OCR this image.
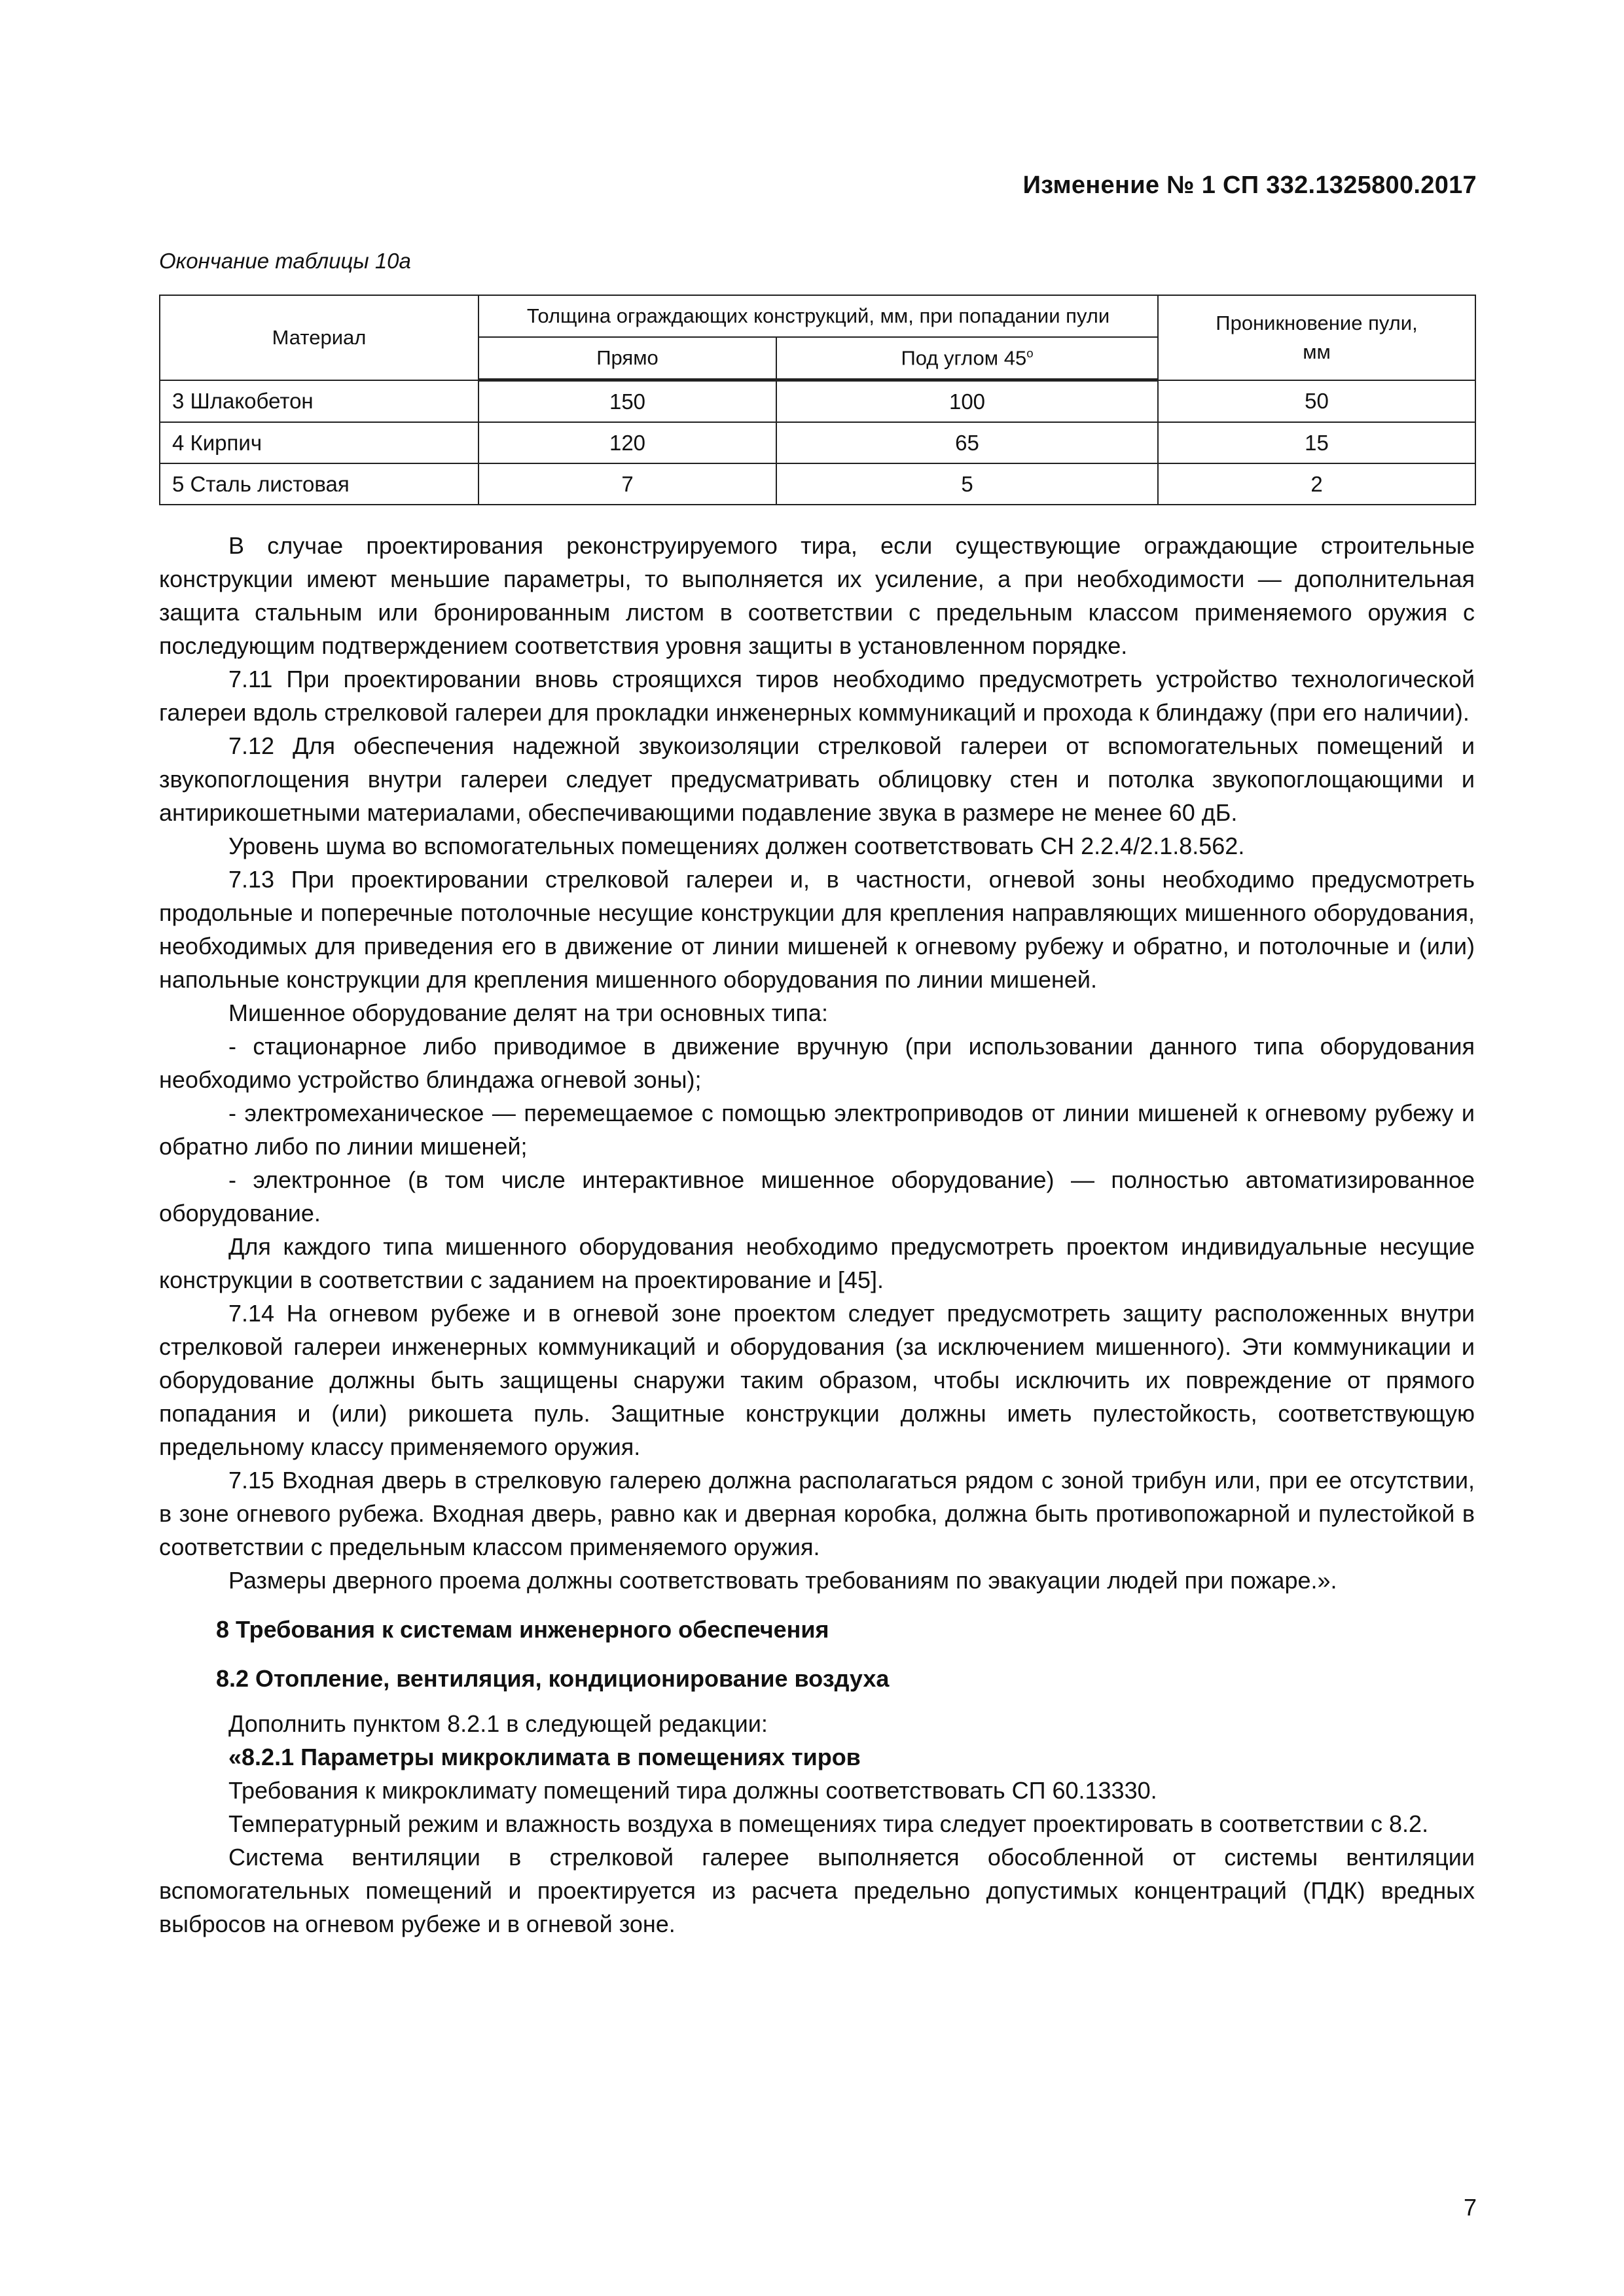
Изменение № 1 СП 332.1325800.2017
Окончание таблицы 10а
Материал	Толщина ограждающих конструкций, мм, при попадании пули		Проникновение пули, мм
	Прямо	Под углом $45^о$
3 Шлакобетон	150	100	50
4 Кирпич	120	65	15
5 Сталь листовая	7	5	2

В случае проектирования реконструируемого тира, если существующие ограждающие строительные конструкции имеют меньшие параметры, то выполняется их усиление, а при необходимости — дополнительная защита стальным или бронированным листом в соответствии с предельным классом применяемого оружия с последующим подтверждением соответствия уровня защиты в установленном порядке.

7.11 При проектировании вновь строящихся тиров необходимо предусмотреть устройство технологической галереи вдоль стрелковой галереи для прокладки инженерных коммуникаций и прохода к блиндажу (при его наличии).

7.12 Для обеспечения надежной звукоизоляции стрелковой галереи от вспомогательных помещений и звукопоглощения внутри галереи следует предусматривать облицовку стен и потолка звукопоглощающими и антирикошетными материалами, обеспечивающими подавление звука в размере не менее 60 дБ.

Уровень шума во вспомогательных помещениях должен соответствовать СН 2.2.4/2.1.8.562.

7.13 При проектировании стрелковой галереи и, в частности, огневой зоны необходимо предусмотреть продольные и поперечные потолочные несущие конструкции для крепления направляющих мишенного оборудования, необходимых для приведения его в движение от линии мишеней к огневому рубежу и обратно, и потолочные и (или) напольные конструкции для крепления мишенного оборудования по линии мишеней.

Мишенное оборудование делят на три основных типа:

- стационарное либо приводимое в движение вручную (при использовании данного типа оборудования необходимо устройство блиндажа огневой зоны);

- электромеханическое — перемещаемое с помощью электроприводов от линии мишеней к огневому рубежу и обратно либо по линии мишеней;

- электронное (в том числе интерактивное мишенное оборудование) — полностью автоматизированное оборудование.

Для каждого типа мишенного оборудования необходимо предусмотреть проектом индивидуальные несущие конструкции в соответствии с заданием на проектирование и [45].

7.14 На огневом рубеже и в огневой зоне проектом следует предусмотреть защиту расположенных внутри стрелковой галереи инженерных коммуникаций и оборудования (за исключением мишенного). Эти коммуникации и оборудование должны быть защищены снаружи таким образом, чтобы исключить их повреждение от прямого попадания и (или) рикошета пуль. Защитные конструкции должны иметь пулестойкость, соответствующую предельному классу применяемого оружия.

7.15 Входная дверь в стрелковую галерею должна располагаться рядом с зоной трибун или, при ее отсутствии, в зоне огневого рубежа. Входная дверь, равно как и дверная коробка, должна быть противопожарной и пулестойкой в соответствии с предельным классом применяемого оружия.

Размеры дверного проема должны соответствовать требованиям по эвакуации людей при пожаре.».

8 Требования к системам инженерного обеспечения

8.2 Отопление, вентиляция, кондиционирование воздуха

Дополнить пунктом 8.2.1 в следующей редакции:

«8.2.1 Параметры микроклимата в помещениях тиров

Требования к микроклимату помещений тира должны соответствовать СП 60.13330.

Температурный режим и влажность воздуха в помещениях тира следует проектировать в соответствии с 8.2.

Система вентиляции в стрелковой галерее выполняется обособленной от системы вентиляции вспомогательных помещений и проектируется из расчета предельно допустимых концентраций (ПДК) вредных выбросов на огневом рубеже и в огневой зоне.

7
